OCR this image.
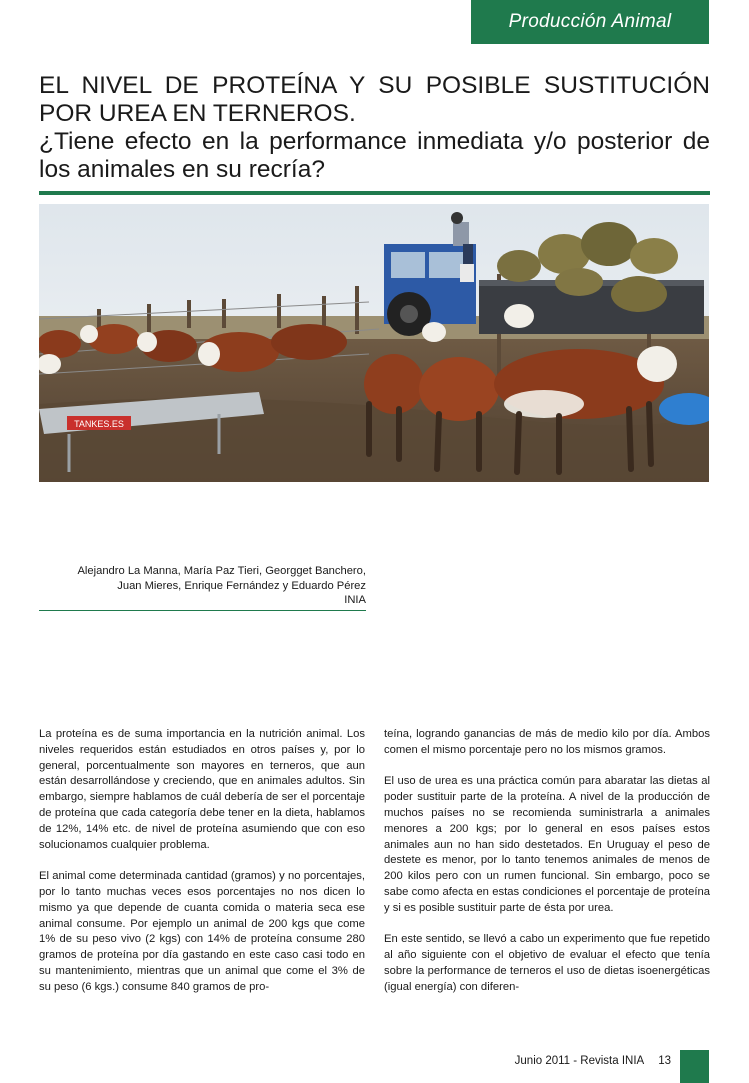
Producción Animal
EL NIVEL DE PROTEÍNA Y SU POSIBLE SUSTITUCIÓN
POR UREA EN TERNEROS.
¿Tiene efecto en la performance inmediata y/o posterior de
los animales en su recría?
TANKES.ES
Alejandro La Manna, María Paz Tieri, Georgget Banchero,
Juan Mieres, Enrique Fernández y Eduardo Pérez
INIA

La proteína es de suma importancia en la nutrición animal. Los niveles requeridos están estudiados en otros países y, por lo general, porcentualmente son mayores en terneros, que aun están desarrollándose y creciendo, que en animales adultos. Sin embargo, siempre hablamos de cuál debería de ser el porcentaje de proteína que cada categoría debe tener en la dieta, hablamos de 12%, 14% etc. de nivel de proteína asumiendo que con eso solucionamos cualquier problema.

El animal come determinada cantidad (gramos) y no porcentajes, por lo tanto muchas veces esos porcentajes no nos dicen lo mismo ya que depende de cuanta comida o materia seca ese animal consume. Por ejemplo un animal de 200 kgs que come 1% de su peso vivo (2 kgs) con 14% de proteína consume 280 gramos de proteína por día gastando en este caso casi todo en su mantenimiento, mientras que un animal que come el 3% de su peso (6 kgs.) consume 840 gramos de pro-

teína, logrando ganancias de más de medio kilo por día. Ambos comen el mismo porcentaje pero no los mismos gramos.

El uso de urea es una práctica común para abaratar las dietas al poder sustituir parte de la proteína. A nivel de la producción de muchos países no se recomienda suministrarla a animales menores a 200 kgs; por lo general en esos países estos animales aun no han sido destetados. En Uruguay el peso de destete es menor, por lo tanto tenemos animales de menos de 200 kilos pero con un rumen funcional. Sin embargo, poco se sabe como afecta en estas condiciones el porcentaje de proteína y si es posible sustituir parte de ésta por urea.

En este sentido, se llevó a cabo un experimento que fue repetido al año siguiente con el objetivo de evaluar el efecto que tenía sobre la performance de terneros el uso de dietas isoenergéticas (igual energía) con diferen-

Junio 2011 - Revista INIA 13
